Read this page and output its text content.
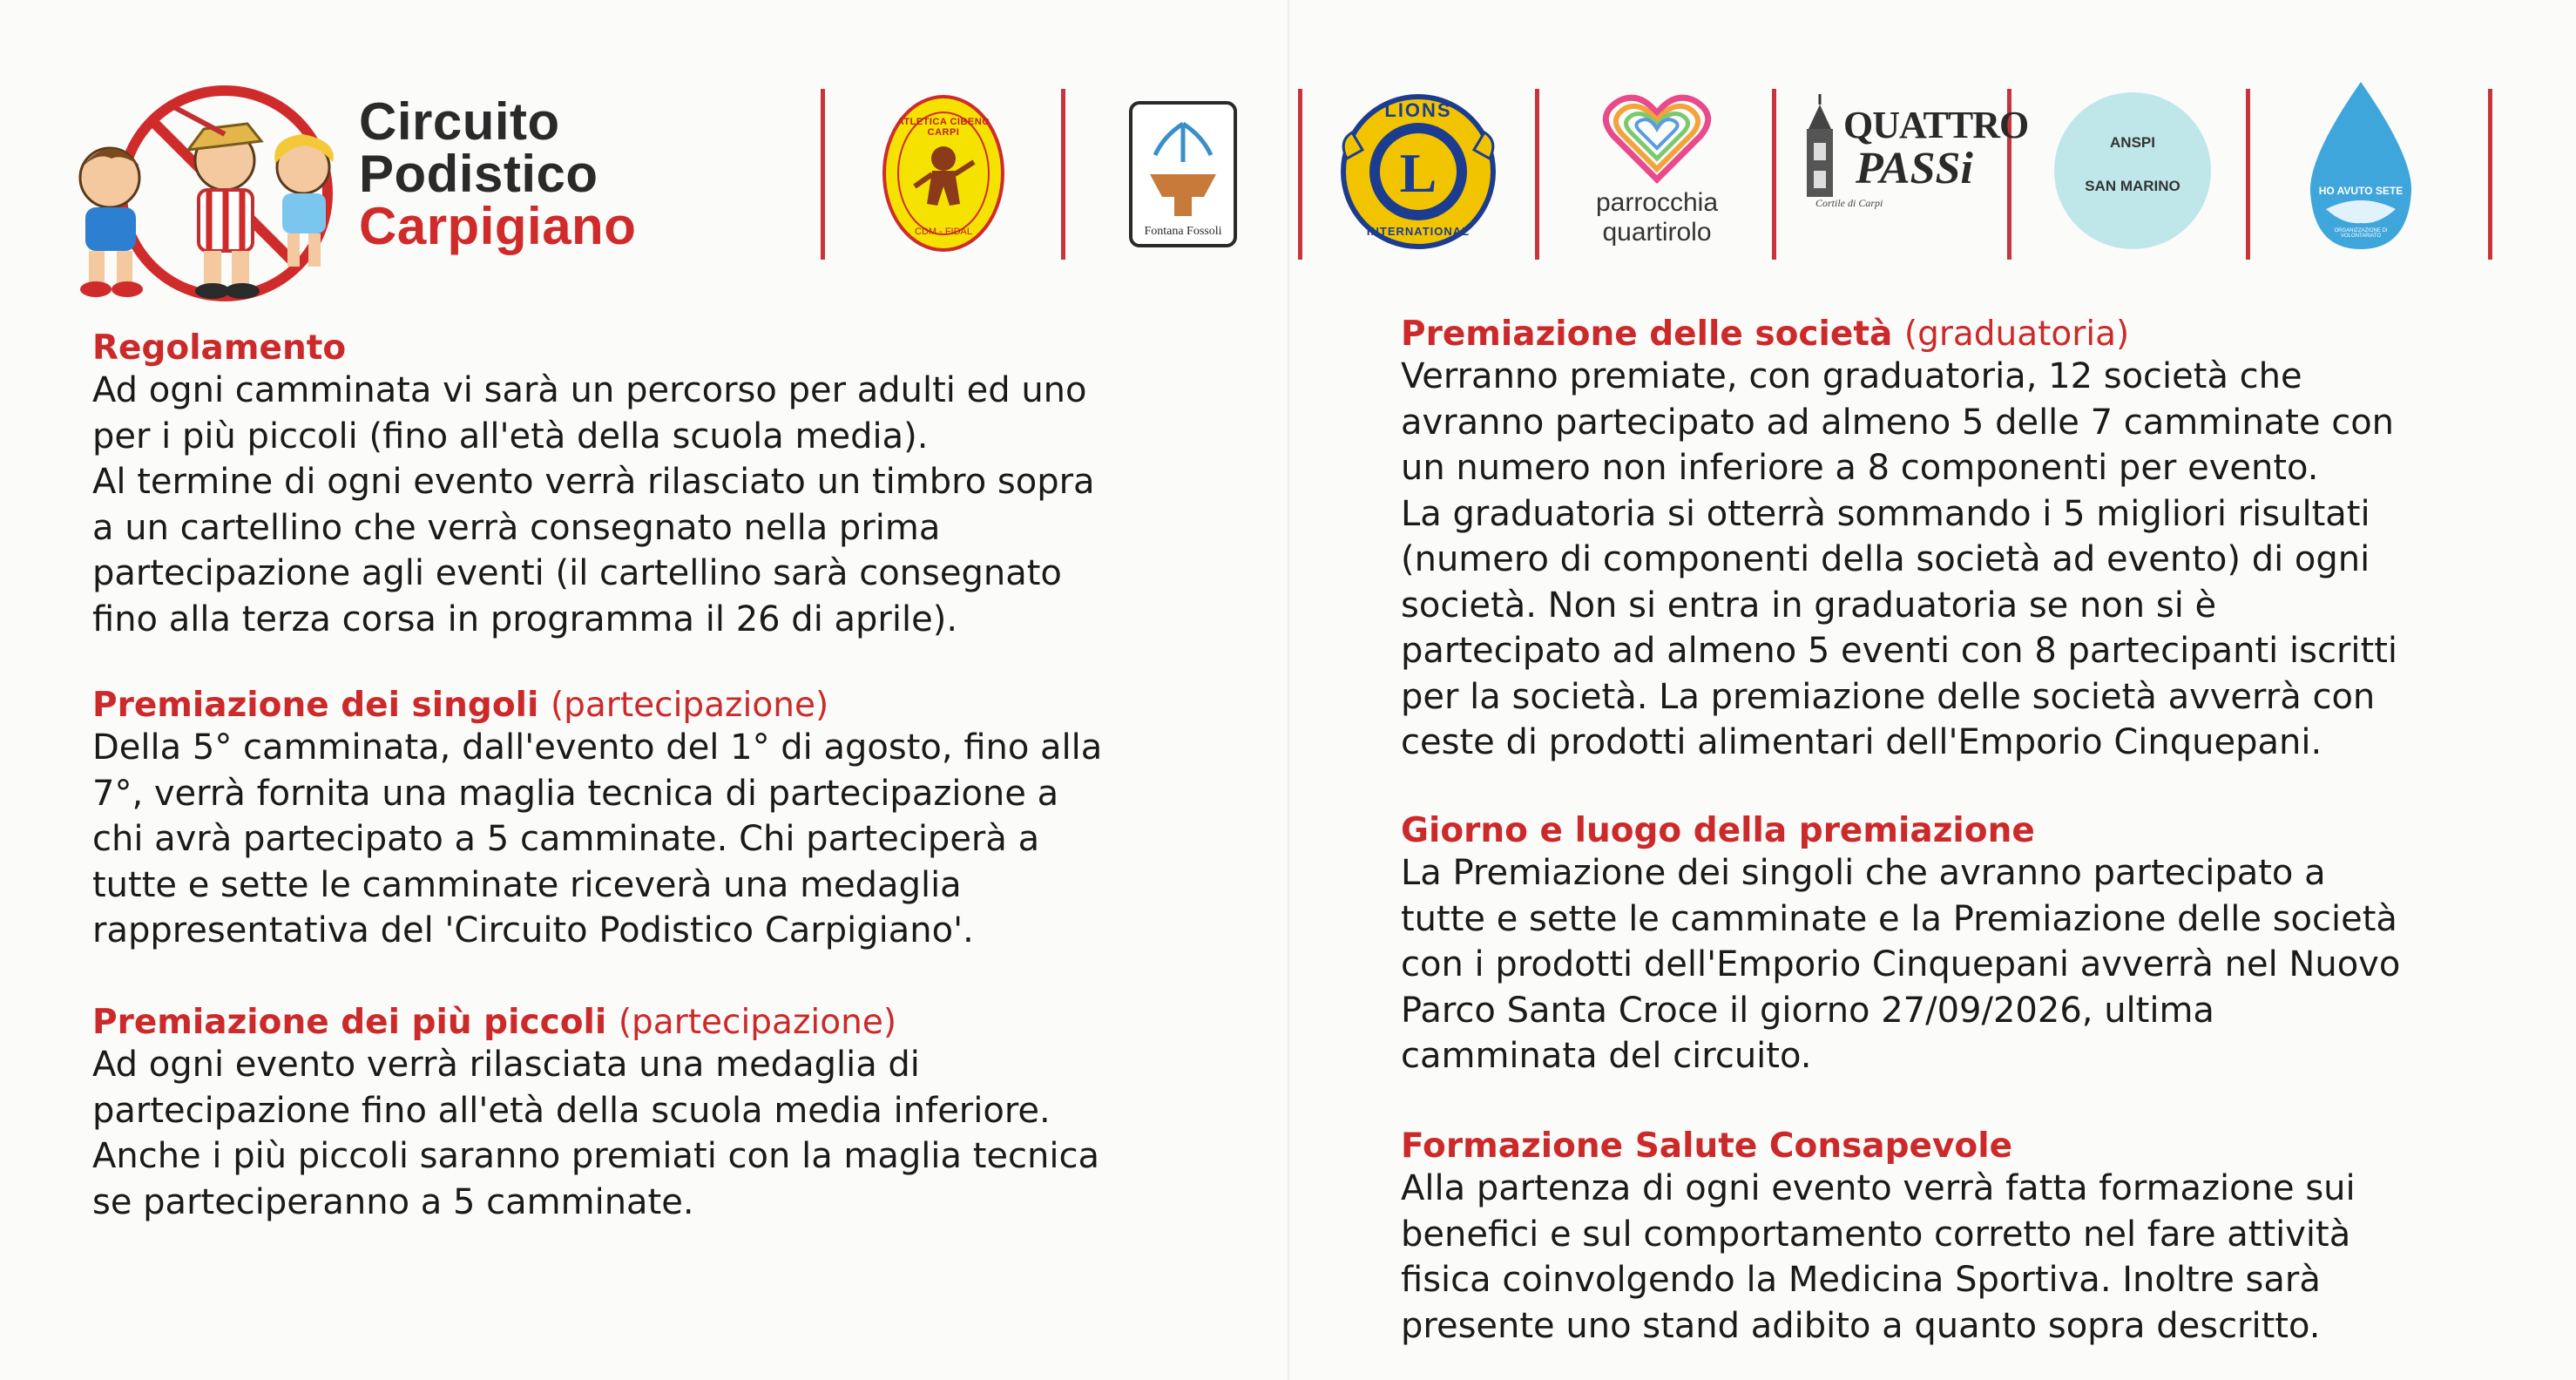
Circuito
Podistico
Carpigiano
ATLETICA CIBENO CARPI
CDM - FIDAL	Fontana Fossoli
L
LIONS
INTERNATIONAL
parrocchia
quartirolo
QUATTRO
PASSi
Cortile di Carpi
ANSPI
SAN MARINO	HO AVUTO SETE
ORGANIZZAZIONE DI VOLONTARIATO
Regolamento

Ad ogni camminata vi sarà un percorso per adulti ed uno
per i più piccoli (fino all'età della scuola media).
Al termine di ogni evento verrà rilasciato un timbro sopra
a un cartellino che verrà consegnato nella prima
partecipazione agli eventi (il cartellino sarà consegnato
fino alla terza corsa in programma il 26 di aprile).

Premiazione dei singoli (partecipazione)

Della 5° camminata, dall'evento del 1° di agosto, fino alla
7°, verrà fornita una maglia tecnica di partecipazione a
chi avrà partecipato a 5 camminate. Chi parteciperà a
tutte e sette le camminate riceverà una medaglia
rappresentativa del 'Circuito Podistico Carpigiano'.

Premiazione dei più piccoli (partecipazione)

Ad ogni evento verrà rilasciata una medaglia di
partecipazione fino all'età della scuola media inferiore.
Anche i più piccoli saranno premiati con la maglia tecnica
se parteciperanno a 5 camminate.

Premiazione delle società (graduatoria)

Verranno premiate, con graduatoria, 12 società che
avranno partecipato ad almeno 5 delle 7 camminate con
un numero non inferiore a 8 componenti per evento.
La graduatoria si otterrà sommando i 5 migliori risultati
(numero di componenti della società ad evento) di ogni
società. Non si entra in graduatoria se non si è
partecipato ad almeno 5 eventi con 8 partecipanti iscritti
per la società. La premiazione delle società avverrà con
ceste di prodotti alimentari dell'Emporio Cinquepani.

Giorno e luogo della premiazione

La Premiazione dei singoli che avranno partecipato a
tutte e sette le camminate e la Premiazione delle società
con i prodotti dell'Emporio Cinquepani avverrà nel Nuovo
Parco Santa Croce il giorno 27/09/2026, ultima
camminata del circuito.

Formazione Salute Consapevole

Alla partenza di ogni evento verrà fatta formazione sui
benefici e sul comportamento corretto nel fare attività
fisica coinvolgendo la Medicina Sportiva. Inoltre sarà
presente uno stand adibito a quanto sopra descritto.
